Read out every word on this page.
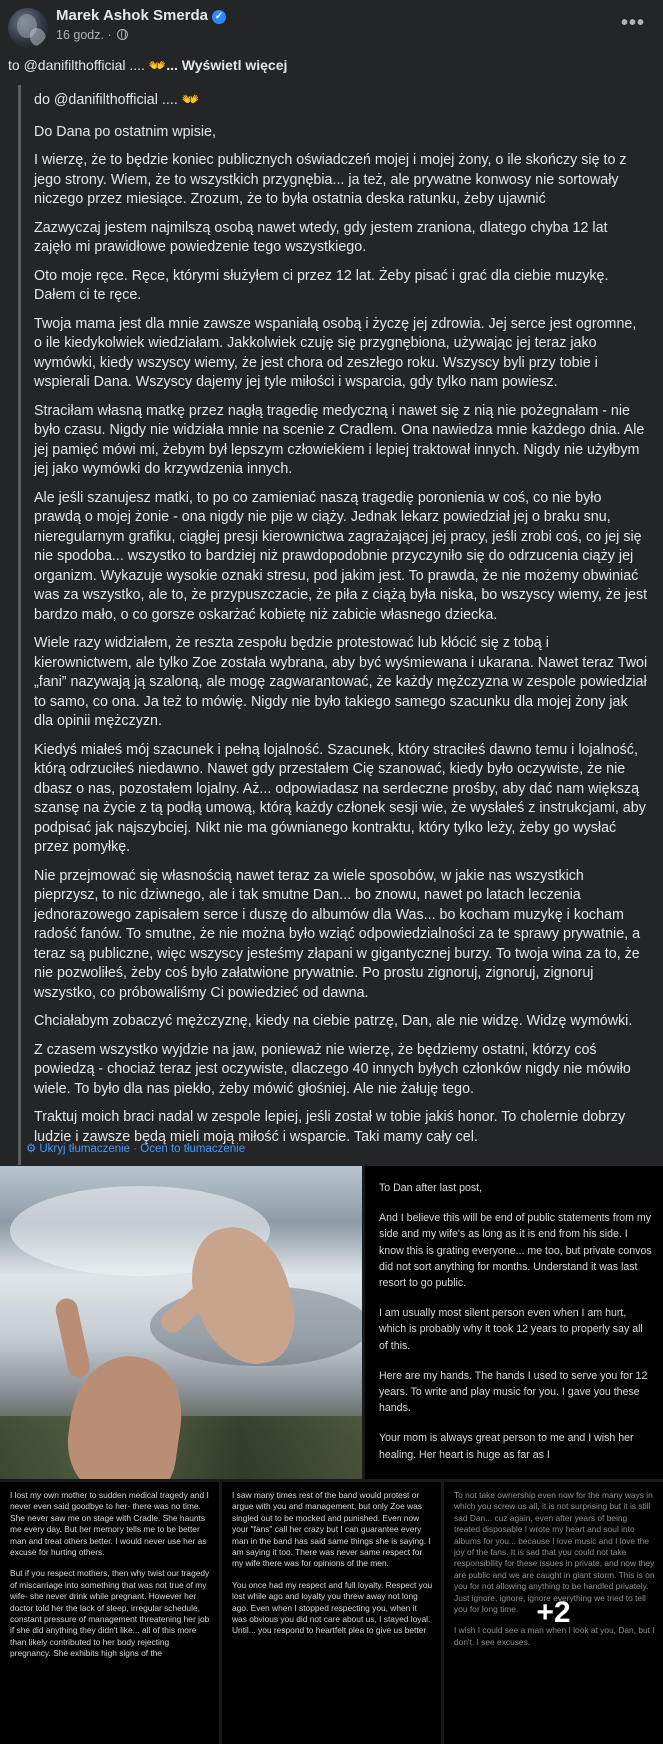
Marek Ashok Smerda ✓
16 godz. ·
•••
to @danifilthofficial .... 👐... Wyświetl więcej

do @danifilthofficial .... 👐

Do Dana po ostatnim wpisie,

I wierzę, że to będzie koniec publicznych oświadczeń mojej i mojej żony, o ile skończy się to z jego strony. Wiem, że to wszystkich przygnębia... ja też, ale prywatne konwosy nie sortowały niczego przez miesiące. Zrozum, że to była ostatnia deska ratunku, żeby ujawnić

Zazwyczaj jestem najmilszą osobą nawet wtedy, gdy jestem zraniona, dlatego chyba 12 lat zajęło mi prawidłowe powiedzenie tego wszystkiego.

Oto moje ręce. Ręce, którymi służyłem ci przez 12 lat. Żeby pisać i grać dla ciebie muzykę. Dałem ci te ręce.

Twoja mama jest dla mnie zawsze wspaniałą osobą i życzę jej zdrowia. Jej serce jest ogromne, o ile kiedykolwiek wiedziałam. Jakkolwiek czuję się przygnębiona, używając jej teraz jako wymówki, kiedy wszyscy wiemy, że jest chora od zeszłego roku. Wszyscy byli przy tobie i wspierali Dana. Wszyscy dajemy jej tyle miłości i wsparcia, gdy tylko nam powiesz.

Straciłam własną matkę przez nagłą tragedię medyczną i nawet się z nią nie pożegnałam - nie było czasu. Nigdy nie widziała mnie na scenie z Cradlem. Ona nawiedza mnie każdego dnia. Ale jej pamięć mówi mi, żebym był lepszym człowiekiem i lepiej traktował innych. Nigdy nie użyłbym jej jako wymówki do krzywdzenia innych.

Ale jeśli szanujesz matki, to po co zamieniać naszą tragedię poronienia w coś, co nie było prawdą o mojej żonie - ona nigdy nie pije w ciąży. Jednak lekarz powiedział jej o braku snu, nieregularnym grafiku, ciągłej presji kierownictwa zagrażającej jej pracy, jeśli zrobi coś, co jej się nie spodoba... wszystko to bardziej niż prawdopodobnie przyczyniło się do odrzucenia ciąży jej organizm. Wykazuje wysokie oznaki stresu, pod jakim jest. To prawda, że nie możemy obwiniać was za wszystko, ale to, że przypuszczacie, że piła z ciążą była niska, bo wszyscy wiemy, że jest bardzo mało, o co gorsze oskarżać kobietę niż zabicie własnego dziecka.

Wiele razy widziałem, że reszta zespołu będzie protestować lub kłócić się z tobą i kierownictwem, ale tylko Zoe została wybrana, aby być wyśmiewana i ukarana. Nawet teraz Twoi „fani” nazywają ją szaloną, ale mogę zagwarantować, że każdy mężczyzna w zespole powiedział to samo, co ona. Ja też to mówię. Nigdy nie było takiego samego szacunku dla mojej żony jak dla opinii mężczyzn.

Kiedyś miałeś mój szacunek i pełną lojalność. Szacunek, który straciłeś dawno temu i lojalność, którą odrzuciłeś niedawno. Nawet gdy przestałem Cię szanować, kiedy było oczywiste, że nie dbasz o nas, pozostałem lojalny. Aż... odpowiadasz na serdeczne prośby, aby dać nam większą szansę na życie z tą podłą umową, którą każdy członek sesji wie, że wysłałeś z instrukcjami, aby podpisać jak najszybciej. Nikt nie ma gównianego kontraktu, który tylko leży, żeby go wysłać przez pomyłkę.

Nie przejmować się własnością nawet teraz za wiele sposobów, w jakie nas wszystkich pieprzysz, to nic dziwnego, ale i tak smutne Dan... bo znowu, nawet po latach leczenia jednorazowego zapisałem serce i duszę do albumów dla Was... bo kocham muzykę i kocham radość fanów. To smutne, że nie można było wziąć odpowiedzialności za te sprawy prywatnie, a teraz są publiczne, więc wszyscy jesteśmy złapani w gigantycznej burzy. To twoja wina za to, że nie pozwoliłeś, żeby coś było załatwione prywatnie. Po prostu zignoruj, zignoruj, zignoruj wszystko, co próbowaliśmy Ci powiedzieć od dawna.

Chciałabym zobaczyć mężczyznę, kiedy na ciebie patrzę, Dan, ale nie widzę. Widzę wymówki.

Z czasem wszystko wyjdzie na jaw, ponieważ nie wierzę, że będziemy ostatni, którzy coś powiedzą - chociaż teraz jest oczywiste, dlaczego 40 innych byłych członków nigdy nie mówiło wiele. To było dla nas piekło, żeby mówić głośniej. Ale nie żałuję tego.

Traktuj moich braci nadal w zespole lepiej, jeśli został w tobie jakiś honor. To cholernie dobrzy ludzie i zawsze będą mieli moją miłość i wsparcie. Taki mamy cały cel.

⚙ Ukryj tłumaczenie · Oceń to tłumaczenie

To Dan after last post,

And I believe this will be end of public statements from my side and my wife's as long as it is end from his side. I know this is grating everyone... me too, but private convos did not sort anything for months. Understand it was last resort to go public.

I am usually most silent person even when I am hurt, which is probably why it took 12 years to properly say all of this.

Here are my hands. The hands I used to serve you for 12 years. To write and play music for you. I gave you these hands.

Your mom is always great person to me and I wish her healing. Her heart is huge as far as I

I lost my own mother to sudden medical tragedy and I never even said goodbye to her- there was no time. She never saw me on stage with Cradle. She haunts me every day. But her memory tells me to be better man and treat others better. I would never use her as excuse for hurting others.

But if you respect mothers, then why twist our tragedy of miscarriage into something that was not true of my wife- she never drink while pregnant. However her doctor told her the lack of sleep, irregular schedule, constant pressure of management threatening her job if she did anything they didn't like... all of this more than likely contributed to her body rejecting pregnancy. She exhibits high signs of the

I saw many times rest of the band would protest or argue with you and management, but only Zoe was singled out to be mocked and punished. Even now your "fans" call her crazy but I can guarantee every man in the band has said same things she is saying. I am saying it too. There was never same respect for my wife there was for opinions of the men.

You once had my respect and full loyalty. Respect you lost while ago and loyalty you threw away not long ago. Even when I stopped respecting you, when it was obvious you did not care about us, I stayed loyal. Until... you respond to heartfelt plea to give us better

To not take ownership even now for the many ways in which you screw us all, it is not surprising but it is still sad Dan... cuz again, even after years of being treated disposable I wrote my heart and soul into albums for you... because I love music and I love the joy of the fans. It is sad that you could not take responsibility for these issues in private, and now they are public and we are caught in giant storm. This is on you for not allowing anything to be handled privately. Just ignore, ignore, ignore everything we tried to tell you for long time.

I wish I could see a man when I look at you, Dan, but I don't. I see excuses.

+2
